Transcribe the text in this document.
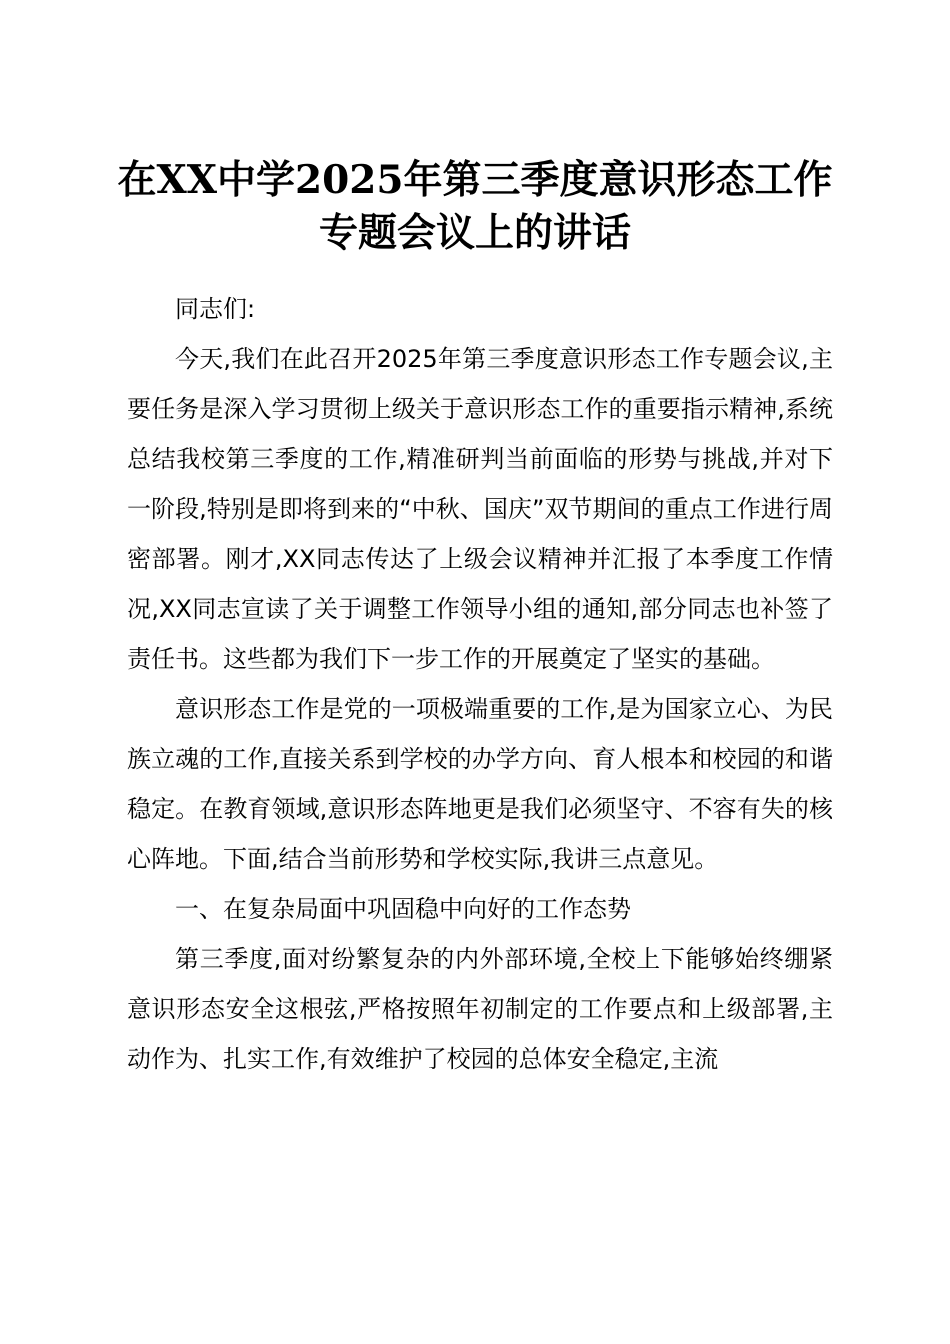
在XX中学2025年第三季度意识形态工作专题会议上的讲话

同志们:

今天,我们在此召开2025年第三季度意识形态工作专题会议,主要任务是深入学习贯彻上级关于意识形态工作的重要指示精神,系统总结我校第三季度的工作,精准研判当前面临的形势与挑战,并对下一阶段,特别是即将到来的“中秋、国庆”双节期间的重点工作进行周密部署。刚才,XX同志传达了上级会议精神并汇报了本季度工作情况,XX同志宣读了关于调整工作领导小组的通知,部分同志也补签了责任书。这些都为我们下一步工作的开展奠定了坚实的基础。

意识形态工作是党的一项极端重要的工作,是为国家立心、为民族立魂的工作,直接关系到学校的办学方向、育人根本和校园的和谐稳定。在教育领域,意识形态阵地更是我们必须坚守、不容有失的核心阵地。下面,结合当前形势和学校实际,我讲三点意见。

一、在复杂局面中巩固稳中向好的工作态势

第三季度,面对纷繁复杂的内外部环境,全校上下能够始终绷紧意识形态安全这根弦,严格按照年初制定的工作要点和上级部署,主动作为、扎实工作,有效维护了校园的总体安全稳定,主流
